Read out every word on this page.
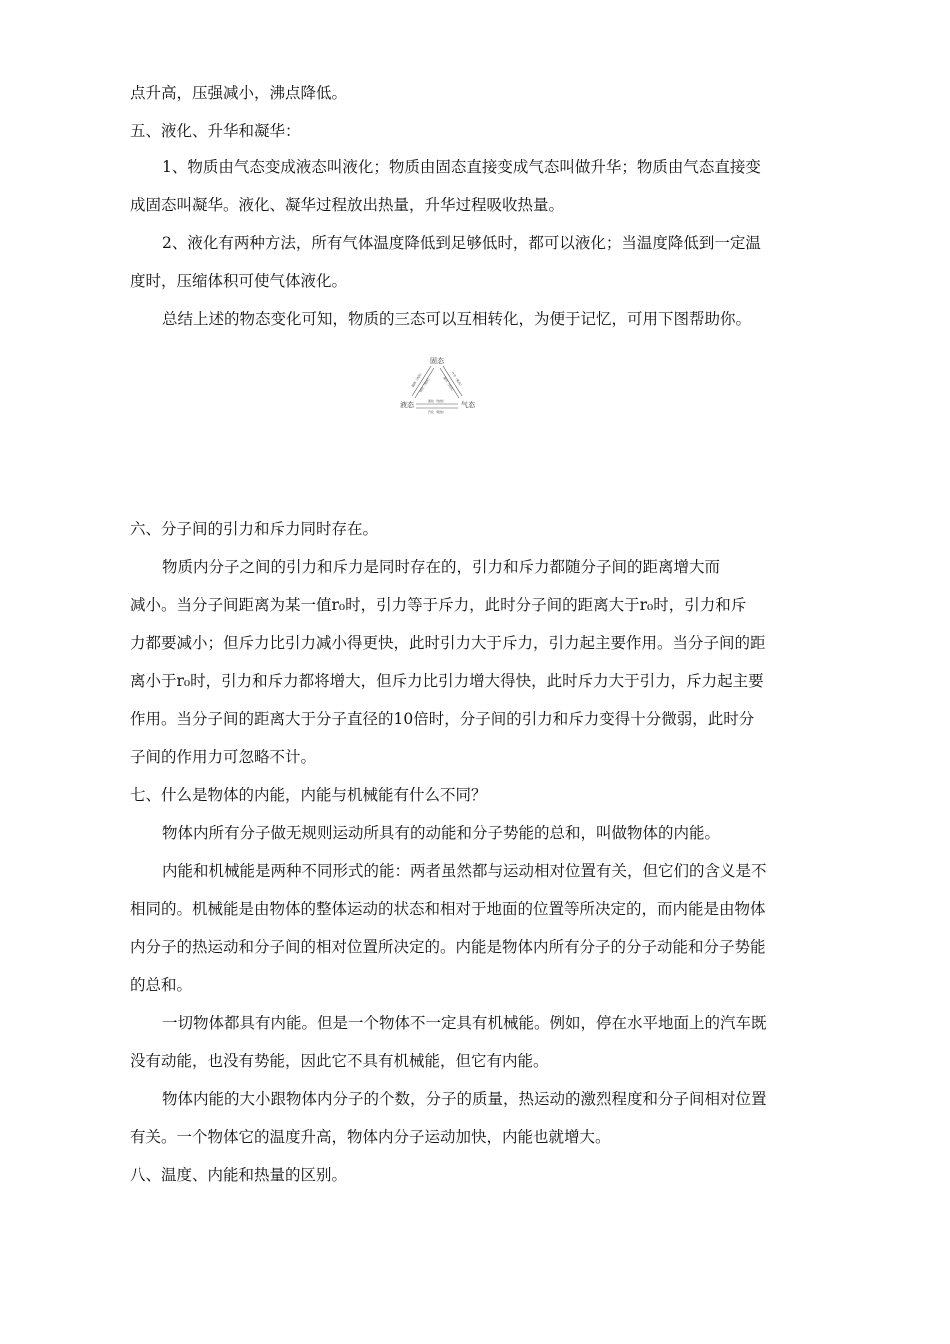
点升高，压强减小，沸点降低。
五、液化、升华和凝华：
1、物质由气态变成液态叫液化；物质由固态直接变成气态叫做升华；物质由气态直接变
成固态叫凝华。液化、凝华过程放出热量，升华过程吸收热量。
2、液化有两种方法，所有气体温度降低到足够低时，都可以液化；当温度降低到一定温
度时，压缩体积可使气体液化。
总结上述的物态变化可知，物质的三态可以互相转化，为便于记忆，可用下图帮助你。
固态
液态	气态
凝固（放热）
熔化（吸热）	升华（吸热）
凝华（放热）
液化（放热）
汽化（吸热）
六、分子间的引力和斥力同时存在。
物质内分子之间的引力和斥力是同时存在的，引力和斥力都随分子间的距离增大而
减小。当分子间距离为某一值r₀时，引力等于斥力，此时分子间的距离大于r₀时，引力和斥
力都要减小；但斥力比引力减小得更快，此时引力大于斥力，引力起主要作用。当分子间的距
离小于r₀时，引力和斥力都将增大，但斥力比引力增大得快，此时斥力大于引力，斥力起主要
作用。当分子间的距离大于分子直径的10倍时，分子间的引力和斥力变得十分微弱，此时分
子间的作用力可忽略不计。
七、什么是物体的内能，内能与机械能有什么不同？
物体内所有分子做无规则运动所具有的动能和分子势能的总和，叫做物体的内能。
内能和机械能是两种不同形式的能：两者虽然都与运动相对位置有关，但它们的含义是不
相同的。机械能是由物体的整体运动的状态和相对于地面的位置等所决定的，而内能是由物体
内分子的热运动和分子间的相对位置所决定的。内能是物体内所有分子的分子动能和分子势能
的总和。
一切物体都具有内能。但是一个物体不一定具有机械能。例如，停在水平地面上的汽车既
没有动能，也没有势能，因此它不具有机械能，但它有内能。
物体内能的大小跟物体内分子的个数，分子的质量，热运动的激烈程度和分子间相对位置
有关。一个物体它的温度升高，物体内分子运动加快，内能也就增大。
八、温度、内能和热量的区别。
